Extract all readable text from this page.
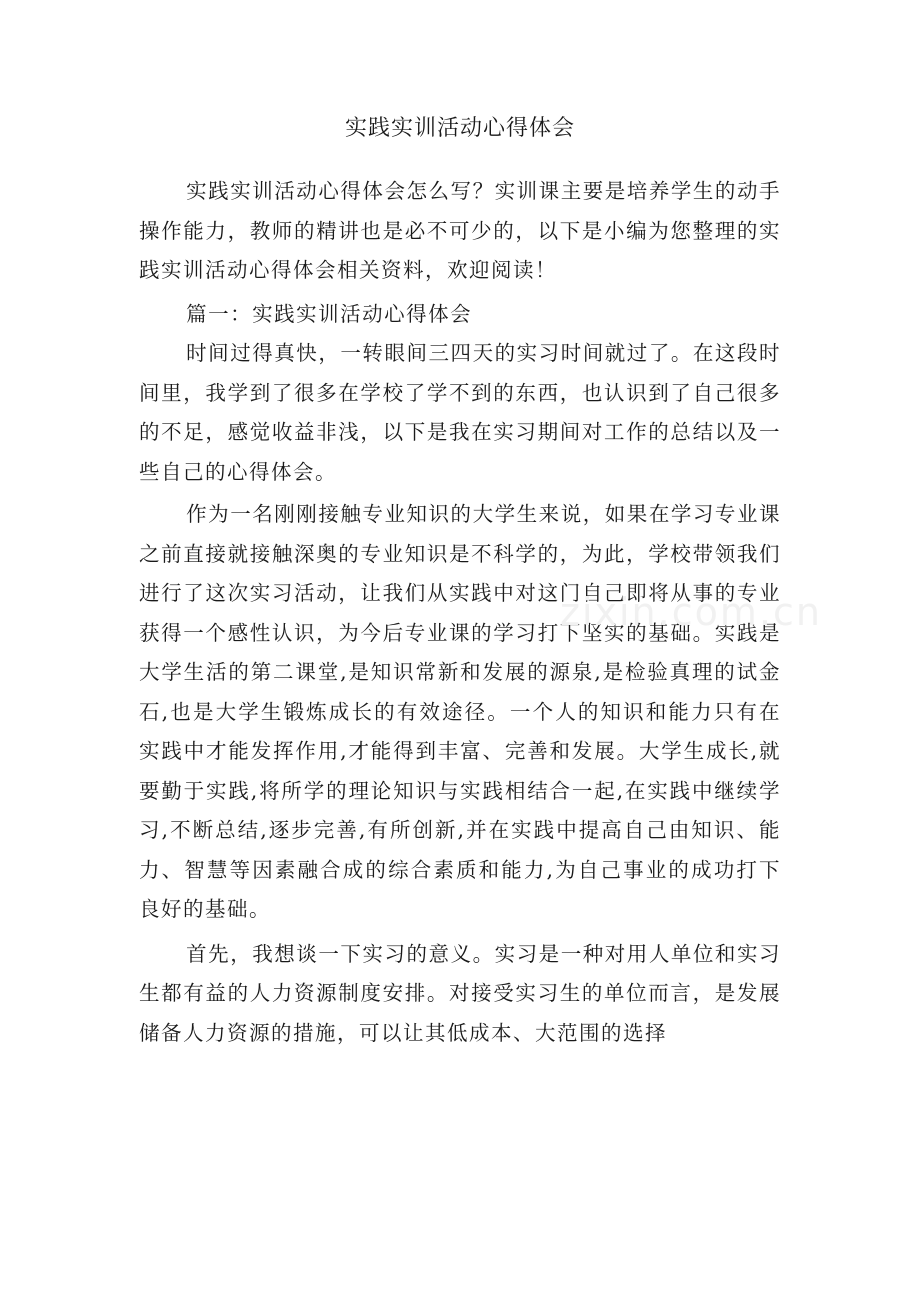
实践实训活动心得体会

实践实训活动心得体会怎么写？实训课主要是培养学生的动手操作能力，教师的精讲也是必不可少的，以下是小编为您整理的实践实训活动心得体会相关资料，欢迎阅读！

篇一：实践实训活动心得体会

时间过得真快，一转眼间三四天的实习时间就过了。在这段时间里，我学到了很多在学校了学不到的东西，也认识到了自己很多的不足，感觉收益非浅，以下是我在实习期间对工作的总结以及一些自己的心得体会。

作为一名刚刚接触专业知识的大学生来说，如果在学习专业课之前直接就接触深奥的专业知识是不科学的，为此，学校带领我们进行了这次实习活动，让我们从实践中对这门自己即将从事的专业获得一个感性认识，为今后专业课的学习打下坚实的基础。实践是大学生活的第二课堂,是知识常新和发展的源泉,是检验真理的试金石,也是大学生锻炼成长的有效途径。一个人的知识和能力只有在实践中才能发挥作用,才能得到丰富、完善和发展。大学生成长,就要勤于实践,将所学的理论知识与实践相结合一起,在实践中继续学习,不断总结,逐步完善,有所创新,并在实践中提高自己由知识、能力、智慧等因素融合成的综合素质和能力,为自己事业的成功打下良好的基础。

首先，我想谈一下实习的意义。实习是一种对用人单位和实习生都有益的人力资源制度安排。对接受实习生的单位而言，是发展储备人力资源的措施，可以让其低成本、大范围的选择

zixin.com.cn
